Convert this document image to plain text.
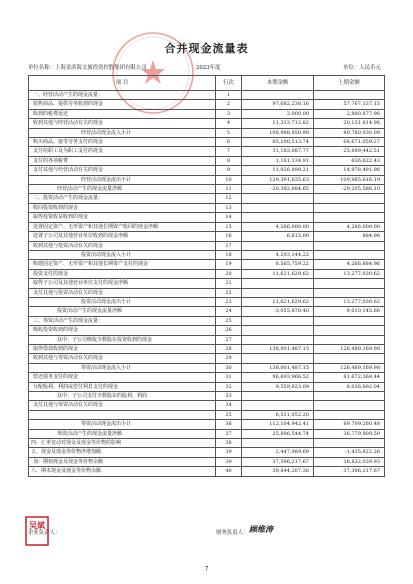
合并现金流量表
单位名称：上海金滨海文旅投资控股集团有限公司	2023年度	单位：人民币元
项 目	行次	本期金额	上期金额
一、经营活动产生的现金流量：	1		
销售商品、提供劳务收到的现金	2	97,682,238.16	57,767,337.15
收到的税费返还	3	3,000.00	2,880,877.96
收到其他与经营活动有关的现金	4	11,313,712.82	20,131,814.98
经营活动现金流入小计	5	108,998,950.98	80,780,030.09
购买商品、接受劳务支付的现金	6	85,100,513.74	68,671,059.27
支付给职工及为职工支付的现金	7	31,183,087.77	25,699,442.51
支付的各项税费	8	1,181,134.91	636,622.43
支付其他与经营活动有关的现金	9	11,926,899.21	14,978,491.98
经营活动现金流出小计	10	129,391,635.63	109,985,616.19
经营活动产生的现金流量净额	11	-20,392,684.65	-29,205,586.10
二、投资活动产生的现金流量：	12		
收回投资收到的现金	13		
取得投资收益收到的现金	14		
处置固定资产、无形资产和其他长期资产收回的现金净额	15	4,266,000.00	4,266,000.00
处置子公司及其他营业单位收到的现金净额	16	6,615.00	884.96
收到其他与投资活动有关的现金	17		
投资活动现金流入小计	18	4,293,144.22	
购建固定资产、无形资产和其他长期资产支付的现金	19	8,565,759.22	4,266,884.96
投资支付的现金	20	11,621,629.62	13,277,030.62
取得子公司及其他营业单位支付的现金净额	21		
支付其他与投资活动有关的现金	22		
投资活动现金流出小计	23	11,621,629.62	13,277,030.62
投资活动产生的现金流量净额	24	-3,055,870.40	9,010,145.66
三、筹资活动产生的现金流量：	25		
吸收投资收到的现金	26		
其中：子公司吸收少数股东投资收到的现金	27		
取得借款收到的现金	28	138,001,487.15	126,489,169.98
收到其他与筹资活动有关的现金	29		
筹资活动现金流入小计	30	138,001,487.15	126,489,169.98
偿还债务支付的现金	31	96,693,966.52	81,672,368.44
分配股利、利润或偿付利息支付的现金	32	9,559,923.09	8,036,892.04
其中：子公司支付少数股东的股利、利润	33		
支付其他与筹资活动有关的现金	34		
	35	6,511,052.20	
筹资活动现金流出小计	36	112,104,942.41	89,709,260.48
筹资活动产生的现金流量净额	37	25,896,544.74	36,779,909.50
四、汇率变动对现金及现金等价物的影响	38		
五、现金及现金等价物净增加额	39	2,447,989.69	-1,435,822.26
加：期初现金及现金等价物余额	39	37,396,217.67	38,832,039.93
六、期末现金及现金等价物余额	40	39,844,207.36	37,396,217.67
企业负责人：
吴斌
财务负责人： 顾维涛
7
